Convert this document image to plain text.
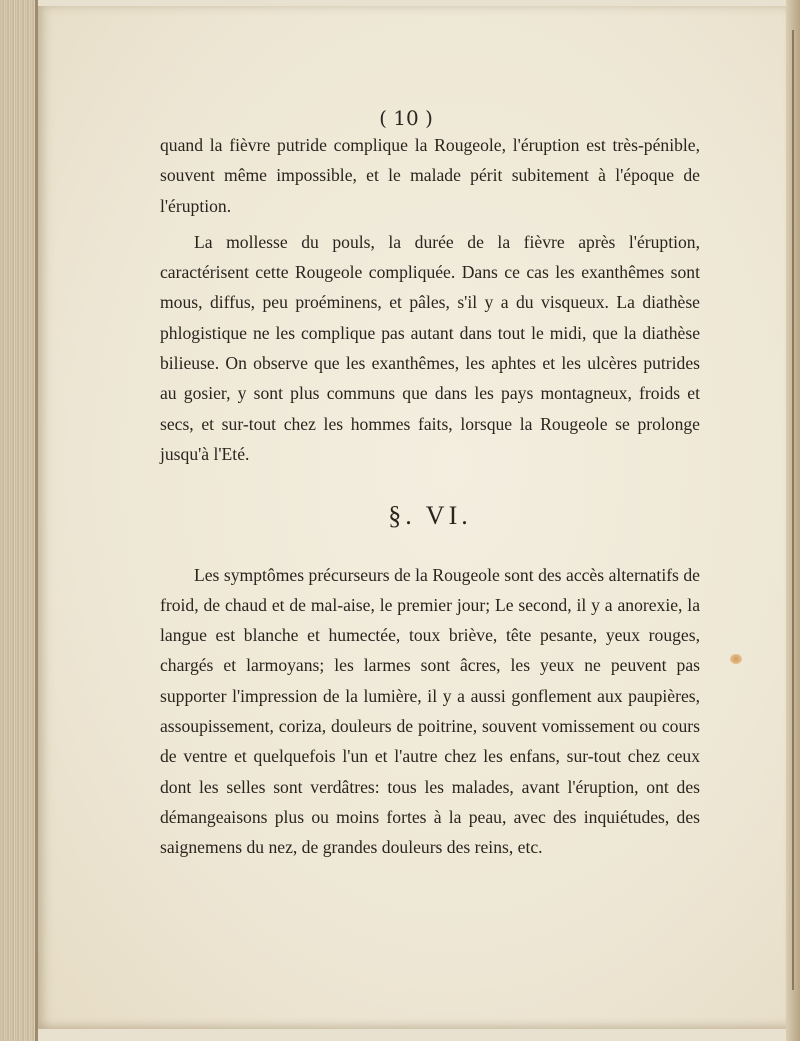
( 10 )

quand la fièvre putride complique la Rougeole, l'éruption est très-pénible, souvent même impossible, et le malade périt subitement à l'époque de l'éruption.

La mollesse du pouls, la durée de la fièvre après l'éruption, caractérisent cette Rougeole compliquée. Dans ce cas les exanthêmes sont mous, diffus, peu proéminens, et pâles, s'il y a du visqueux. La diathèse phlogistique ne les complique pas autant dans tout le midi, que la diathèse bilieuse. On observe que les exanthêmes, les aphtes et les ulcères putrides au gosier, y sont plus communs que dans les pays montagneux, froids et secs, et sur-tout chez les hommes faits, lorsque la Rougeole se prolonge jusqu'à l'Eté.

§. VI.

Les symptômes précurseurs de la Rougeole sont des accès alternatifs de froid, de chaud et de mal-aise, le premier jour; Le second, il y a anorexie, la langue est blanche et humectée, toux briève, tête pesante, yeux rouges, chargés et larmoyans; les larmes sont âcres, les yeux ne peuvent pas supporter l'impression de la lumière, il y a aussi gonflement aux paupières, assoupissement, coriza, douleurs de poitrine, souvent vomissement ou cours de ventre et quelquefois l'un et l'autre chez les enfans, sur-tout chez ceux dont les selles sont verdâtres: tous les malades, avant l'éruption, ont des démangeaisons plus ou moins fortes à la peau, avec des inquiétudes, des saignemens du nez, de grandes douleurs des reins, etc.
